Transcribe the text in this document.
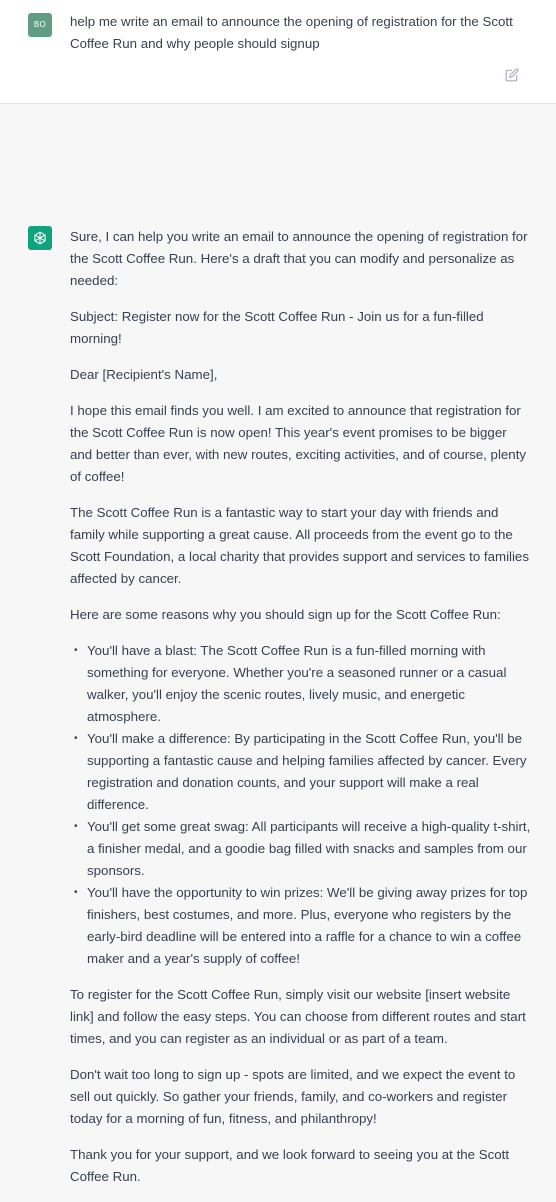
BO	help me write an email to announce the opening of registration for the Scott Coffee Run and why people should signup

Sure, I can help you write an email to announce the opening of registration for the Scott Coffee Run. Here's a draft that you can modify and personalize as needed:

Subject: Register now for the Scott Coffee Run - Join us for a fun-filled morning!

Dear [Recipient's Name],

I hope this email finds you well. I am excited to announce that registration for the Scott Coffee Run is now open! This year's event promises to be bigger and better than ever, with new routes, exciting activities, and of course, plenty of coffee!

The Scott Coffee Run is a fantastic way to start your day with friends and family while supporting a great cause. All proceeds from the event go to the Scott Foundation, a local charity that provides support and services to families affected by cancer.

Here are some reasons why you should sign up for the Scott Coffee Run:

• You'll have a blast: The Scott Coffee Run is a fun-filled morning with something for everyone. Whether you're a seasoned runner or a casual walker, you'll enjoy the scenic routes, lively music, and energetic atmosphere.
• You'll make a difference: By participating in the Scott Coffee Run, you'll be supporting a fantastic cause and helping families affected by cancer. Every registration and donation counts, and your support will make a real difference.
• You'll get some great swag: All participants will receive a high-quality t-shirt, a finisher medal, and a goodie bag filled with snacks and samples from our sponsors.
• You'll have the opportunity to win prizes: We'll be giving away prizes for top finishers, best costumes, and more. Plus, everyone who registers by the early-bird deadline will be entered into a raffle for a chance to win a coffee maker and a year's supply of coffee!

To register for the Scott Coffee Run, simply visit our website [insert website link] and follow the easy steps. You can choose from different routes and start times, and you can register as an individual or as part of a team.

Don't wait too long to sign up - spots are limited, and we expect the event to sell out quickly. So gather your friends, family, and co-workers and register today for a morning of fun, fitness, and philanthropy!

Thank you for your support, and we look forward to seeing you at the Scott Coffee Run.
